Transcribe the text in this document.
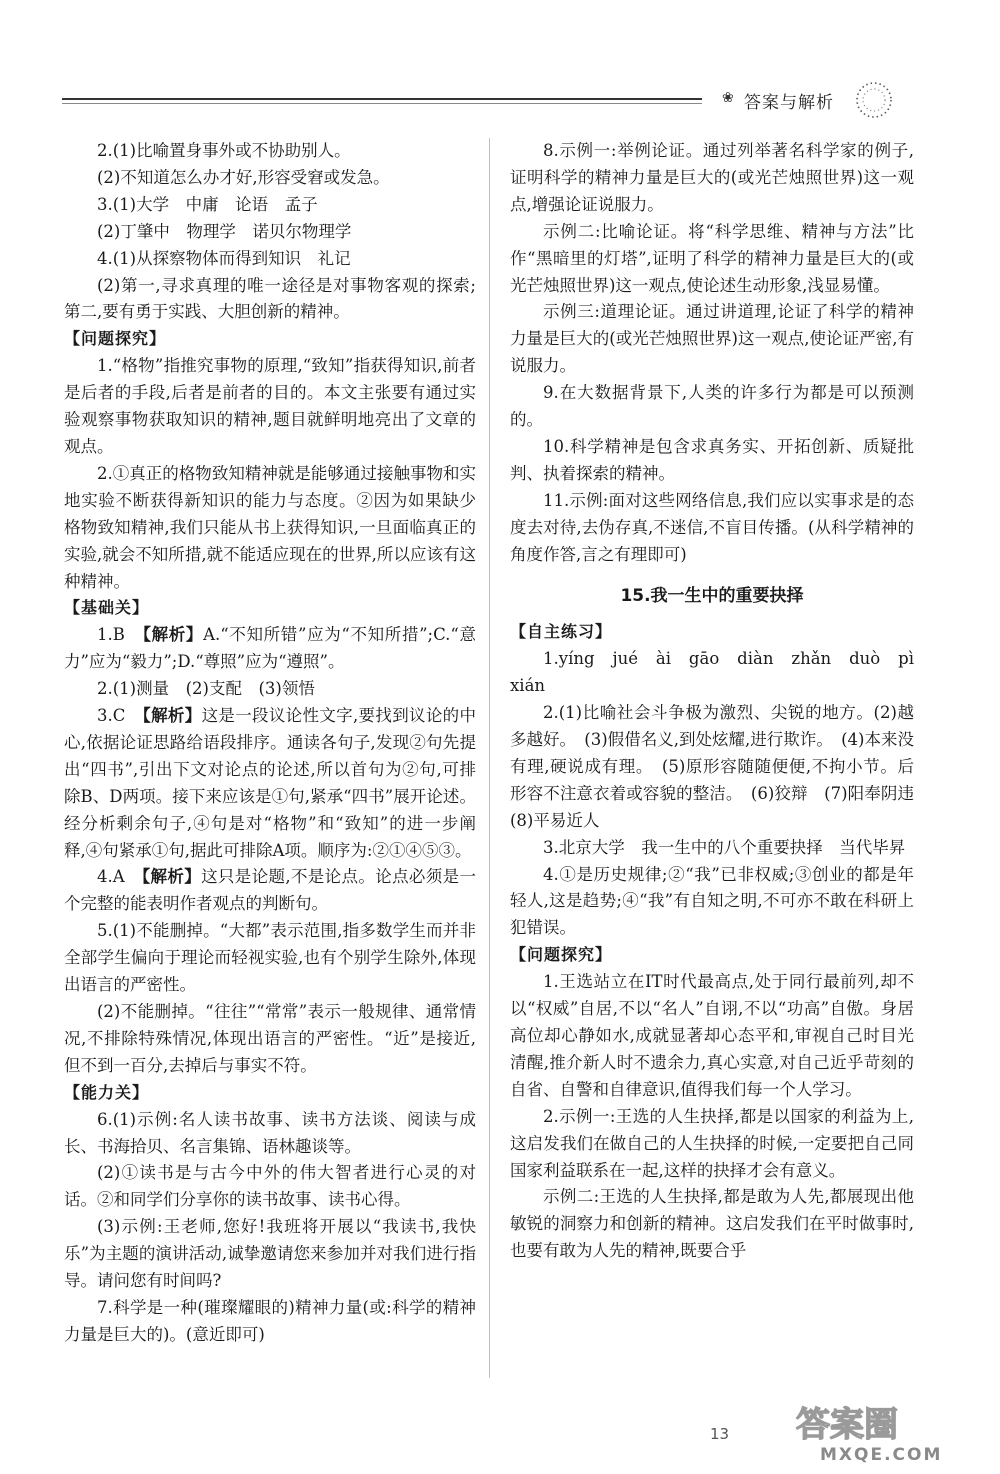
❀ 答案与解析

2.(1)比喻置身事外或不协助别人。

(2)不知道怎么办才好,形容受窘或发急。

3.(1)大学　中庸　论语　孟子

(2)丁肇中　物理学　诺贝尔物理学

4.(1)从探察物体而得到知识　礼记

(2)第一,寻求真理的唯一途径是对事物客观的探索;第二,要有勇于实践、大胆创新的精神。

【问题探究】

1.“格物”指推究事物的原理,“致知”指获得知识,前者是后者的手段,后者是前者的目的。本文主张要有通过实验观察事物获取知识的精神,题目就鲜明地亮出了文章的观点。

2.①真正的格物致知精神就是能够通过接触事物和实地实验不断获得新知识的能力与态度。②因为如果缺少格物致知精神,我们只能从书上获得知识,一旦面临真正的实验,就会不知所措,就不能适应现在的世界,所以应该有这种精神。

【基础关】

1.B　【解析】A.“不知所错”应为“不知所措”;C.“意力”应为“毅力”;D.“尊照”应为“遵照”。

2.(1)测量　(2)支配　(3)领悟

3.C　【解析】这是一段议论性文字,要找到议论的中心,依据论证思路给语段排序。通读各句子,发现②句先提出“四书”,引出下文对论点的论述,所以首句为②句,可排除B、D两项。接下来应该是①句,紧承“四书”展开论述。经分析剩余句子,④句是对“格物”和“致知”的进一步阐释,④句紧承①句,据此可排除A项。顺序为:②①④⑤③。

4.A　【解析】这只是论题,不是论点。论点必须是一个完整的能表明作者观点的判断句。

5.(1)不能删掉。“大都”表示范围,指多数学生而并非全部学生偏向于理论而轻视实验,也有个别学生除外,体现出语言的严密性。

(2)不能删掉。“往往”“常常”表示一般规律、通常情况,不排除特殊情况,体现出语言的严密性。“近”是接近,但不到一百分,去掉后与事实不符。

【能力关】

6.(1)示例:名人读书故事、读书方法谈、阅读与成长、书海拾贝、名言集锦、语林趣谈等。

(2)①读书是与古今中外的伟大智者进行心灵的对话。②和同学们分享你的读书故事、读书心得。

(3)示例:王老师,您好!我班将开展以“我读书,我快乐”为主题的演讲活动,诚挚邀请您来参加并对我们进行指导。请问您有时间吗?

7.科学是一种(璀璨耀眼的)精神力量(或:科学的精神力量是巨大的)。(意近即可)

8.示例一:举例论证。通过列举著名科学家的例子,证明科学的精神力量是巨大的(或光芒烛照世界)这一观点,增强论证说服力。

示例二:比喻论证。将“科学思维、精神与方法”比作“黑暗里的灯塔”,证明了科学的精神力量是巨大的(或光芒烛照世界)这一观点,使论述生动形象,浅显易懂。

示例三:道理论证。通过讲道理,论证了科学的精神力量是巨大的(或光芒烛照世界)这一观点,使论证严密,有说服力。

9.在大数据背景下,人类的许多行为都是可以预测的。

10.科学精神是包含求真务实、开拓创新、质疑批判、执着探索的精神。

11.示例:面对这些网络信息,我们应以实事求是的态度去对待,去伪存真,不迷信,不盲目传播。(从科学精神的角度作答,言之有理即可)

15.我一生中的重要抉择

【自主练习】

1.yíng　jué　ài　gāo　diàn　zhǎn　duò　pì　xián

2.(1)比喻社会斗争极为激烈、尖锐的地方。(2)越多越好。　(3)假借名义,到处炫耀,进行欺诈。　(4)本来没有理,硬说成有理。　(5)原形容随随便便,不拘小节。后形容不注意衣着或容貌的整洁。　(6)狡辩　(7)阳奉阴违　(8)平易近人

3.北京大学　我一生中的八个重要抉择　当代毕昇

4.①是历史规律;②“我”已非权威;③创业的都是年轻人,这是趋势;④“我”有自知之明,不可亦不敢在科研上犯错误。

【问题探究】

1.王选站立在IT时代最高点,处于同行最前列,却不以“权威”自居,不以“名人”自诩,不以“功高”自傲。身居高位却心静如水,成就显著却心态平和,审视自己时目光清醒,推介新人时不遗余力,真心实意,对自己近乎苛刻的自省、自警和自律意识,值得我们每一个人学习。

2.示例一:王选的人生抉择,都是以国家的利益为上,这启发我们在做自己的人生抉择的时候,一定要把自己同国家利益联系在一起,这样的抉择才会有意义。

示例二:王选的人生抉择,都是敢为人先,都展现出他敏锐的洞察力和创新的精神。这启发我们在平时做事时,也要有敢为人先的精神,既要合乎

13 答案圈
MXQE.COM
